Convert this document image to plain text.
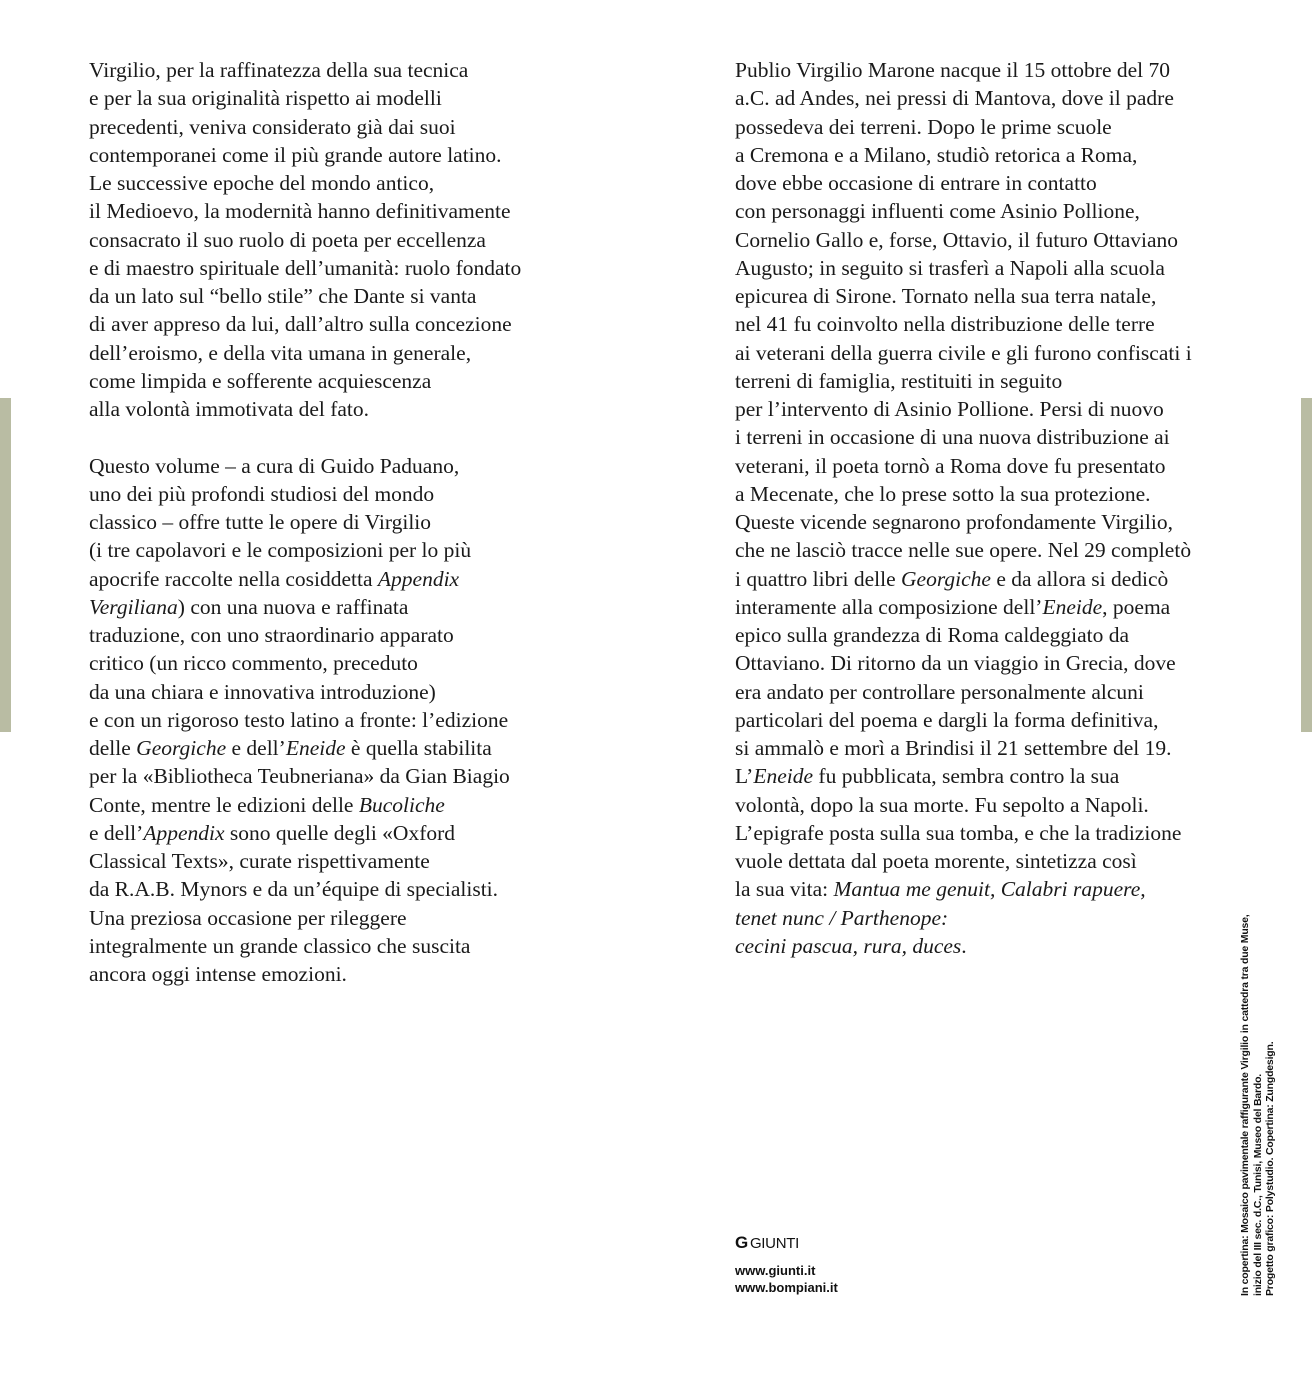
Virgilio, per la raffinatezza della sua tecnica
e per la sua originalità rispetto ai modelli
precedenti, veniva considerato già dai suoi
contemporanei come il più grande autore latino.
Le successive epoche del mondo antico,
il Medioevo, la modernità hanno definitivamente
consacrato il suo ruolo di poeta per eccellenza
e di maestro spirituale dell’umanità: ruolo fondato
da un lato sul “bello stile” che Dante si vanta
di aver appreso da lui, dall’altro sulla concezione
dell’eroismo, e della vita umana in generale,
come limpida e sofferente acquiescenza
alla volontà immotivata del fato.
Questo volume – a cura di Guido Paduano,
uno dei più profondi studiosi del mondo
classico – offre tutte le opere di Virgilio
(i tre capolavori e le composizioni per lo più
apocrife raccolte nella cosiddetta Appendix
Vergiliana) con una nuova e raffinata
traduzione, con uno straordinario apparato
critico (un ricco commento, preceduto
da una chiara e innovativa introduzione)
e con un rigoroso testo latino a fronte: l’edizione
delle Georgiche e dell’Eneide è quella stabilita
per la «Bibliotheca Teubneriana» da Gian Biagio
Conte, mentre le edizioni delle Bucoliche
e dell’Appendix sono quelle degli «Oxford
Classical Texts», curate rispettivamente
da R.A.B. Mynors e da un’équipe di specialisti.
Una preziosa occasione per rileggere
integralmente un grande classico che suscita
ancora oggi intense emozioni.
Publio Virgilio Marone nacque il 15 ottobre del 70
a.C. ad Andes, nei pressi di Mantova, dove il padre
possedeva dei terreni. Dopo le prime scuole
a Cremona e a Milano, studiò retorica a Roma,
dove ebbe occasione di entrare in contatto
con personaggi influenti come Asinio Pollione,
Cornelio Gallo e, forse, Ottavio, il futuro Ottaviano
Augusto; in seguito si trasferì a Napoli alla scuola
epicurea di Sirone. Tornato nella sua terra natale,
nel 41 fu coinvolto nella distribuzione delle terre
ai veterani della guerra civile e gli furono confiscati i
terreni di famiglia, restituiti in seguito
per l’intervento di Asinio Pollione. Persi di nuovo
i terreni in occasione di una nuova distribuzione ai
veterani, il poeta tornò a Roma dove fu presentato
a Mecenate, che lo prese sotto la sua protezione.
Queste vicende segnarono profondamente Virgilio,
che ne lasciò tracce nelle sue opere. Nel 29 completò
i quattro libri delle Georgiche e da allora si dedicò
interamente alla composizione dell’Eneide, poema
epico sulla grandezza di Roma caldeggiato da
Ottaviano. Di ritorno da un viaggio in Grecia, dove
era andato per controllare personalmente alcuni
particolari del poema e dargli la forma definitiva,
si ammalò e morì a Brindisi il 21 settembre del 19.
L’Eneide fu pubblicata, sembra contro la sua
volontà, dopo la sua morte. Fu sepolto a Napoli.
L’epigrafe posta sulla sua tomba, e che la tradizione
vuole dettata dal poeta morente, sintetizza così
la sua vita: Mantua me genuit, Calabri rapuere,
tenet nunc / Parthenope:
cecini pascua, rura, duces.
G GIUNTI
www.giunti.it
www.bompiani.it	In copertina: Mosaico pavimentale raffigurante Virgilio in cattedra tra due Muse, inizio del III sec. d.C., Tunisi, Museo del Bardo. Progetto grafico: Polystudio. Copertina: Zungdesign.
